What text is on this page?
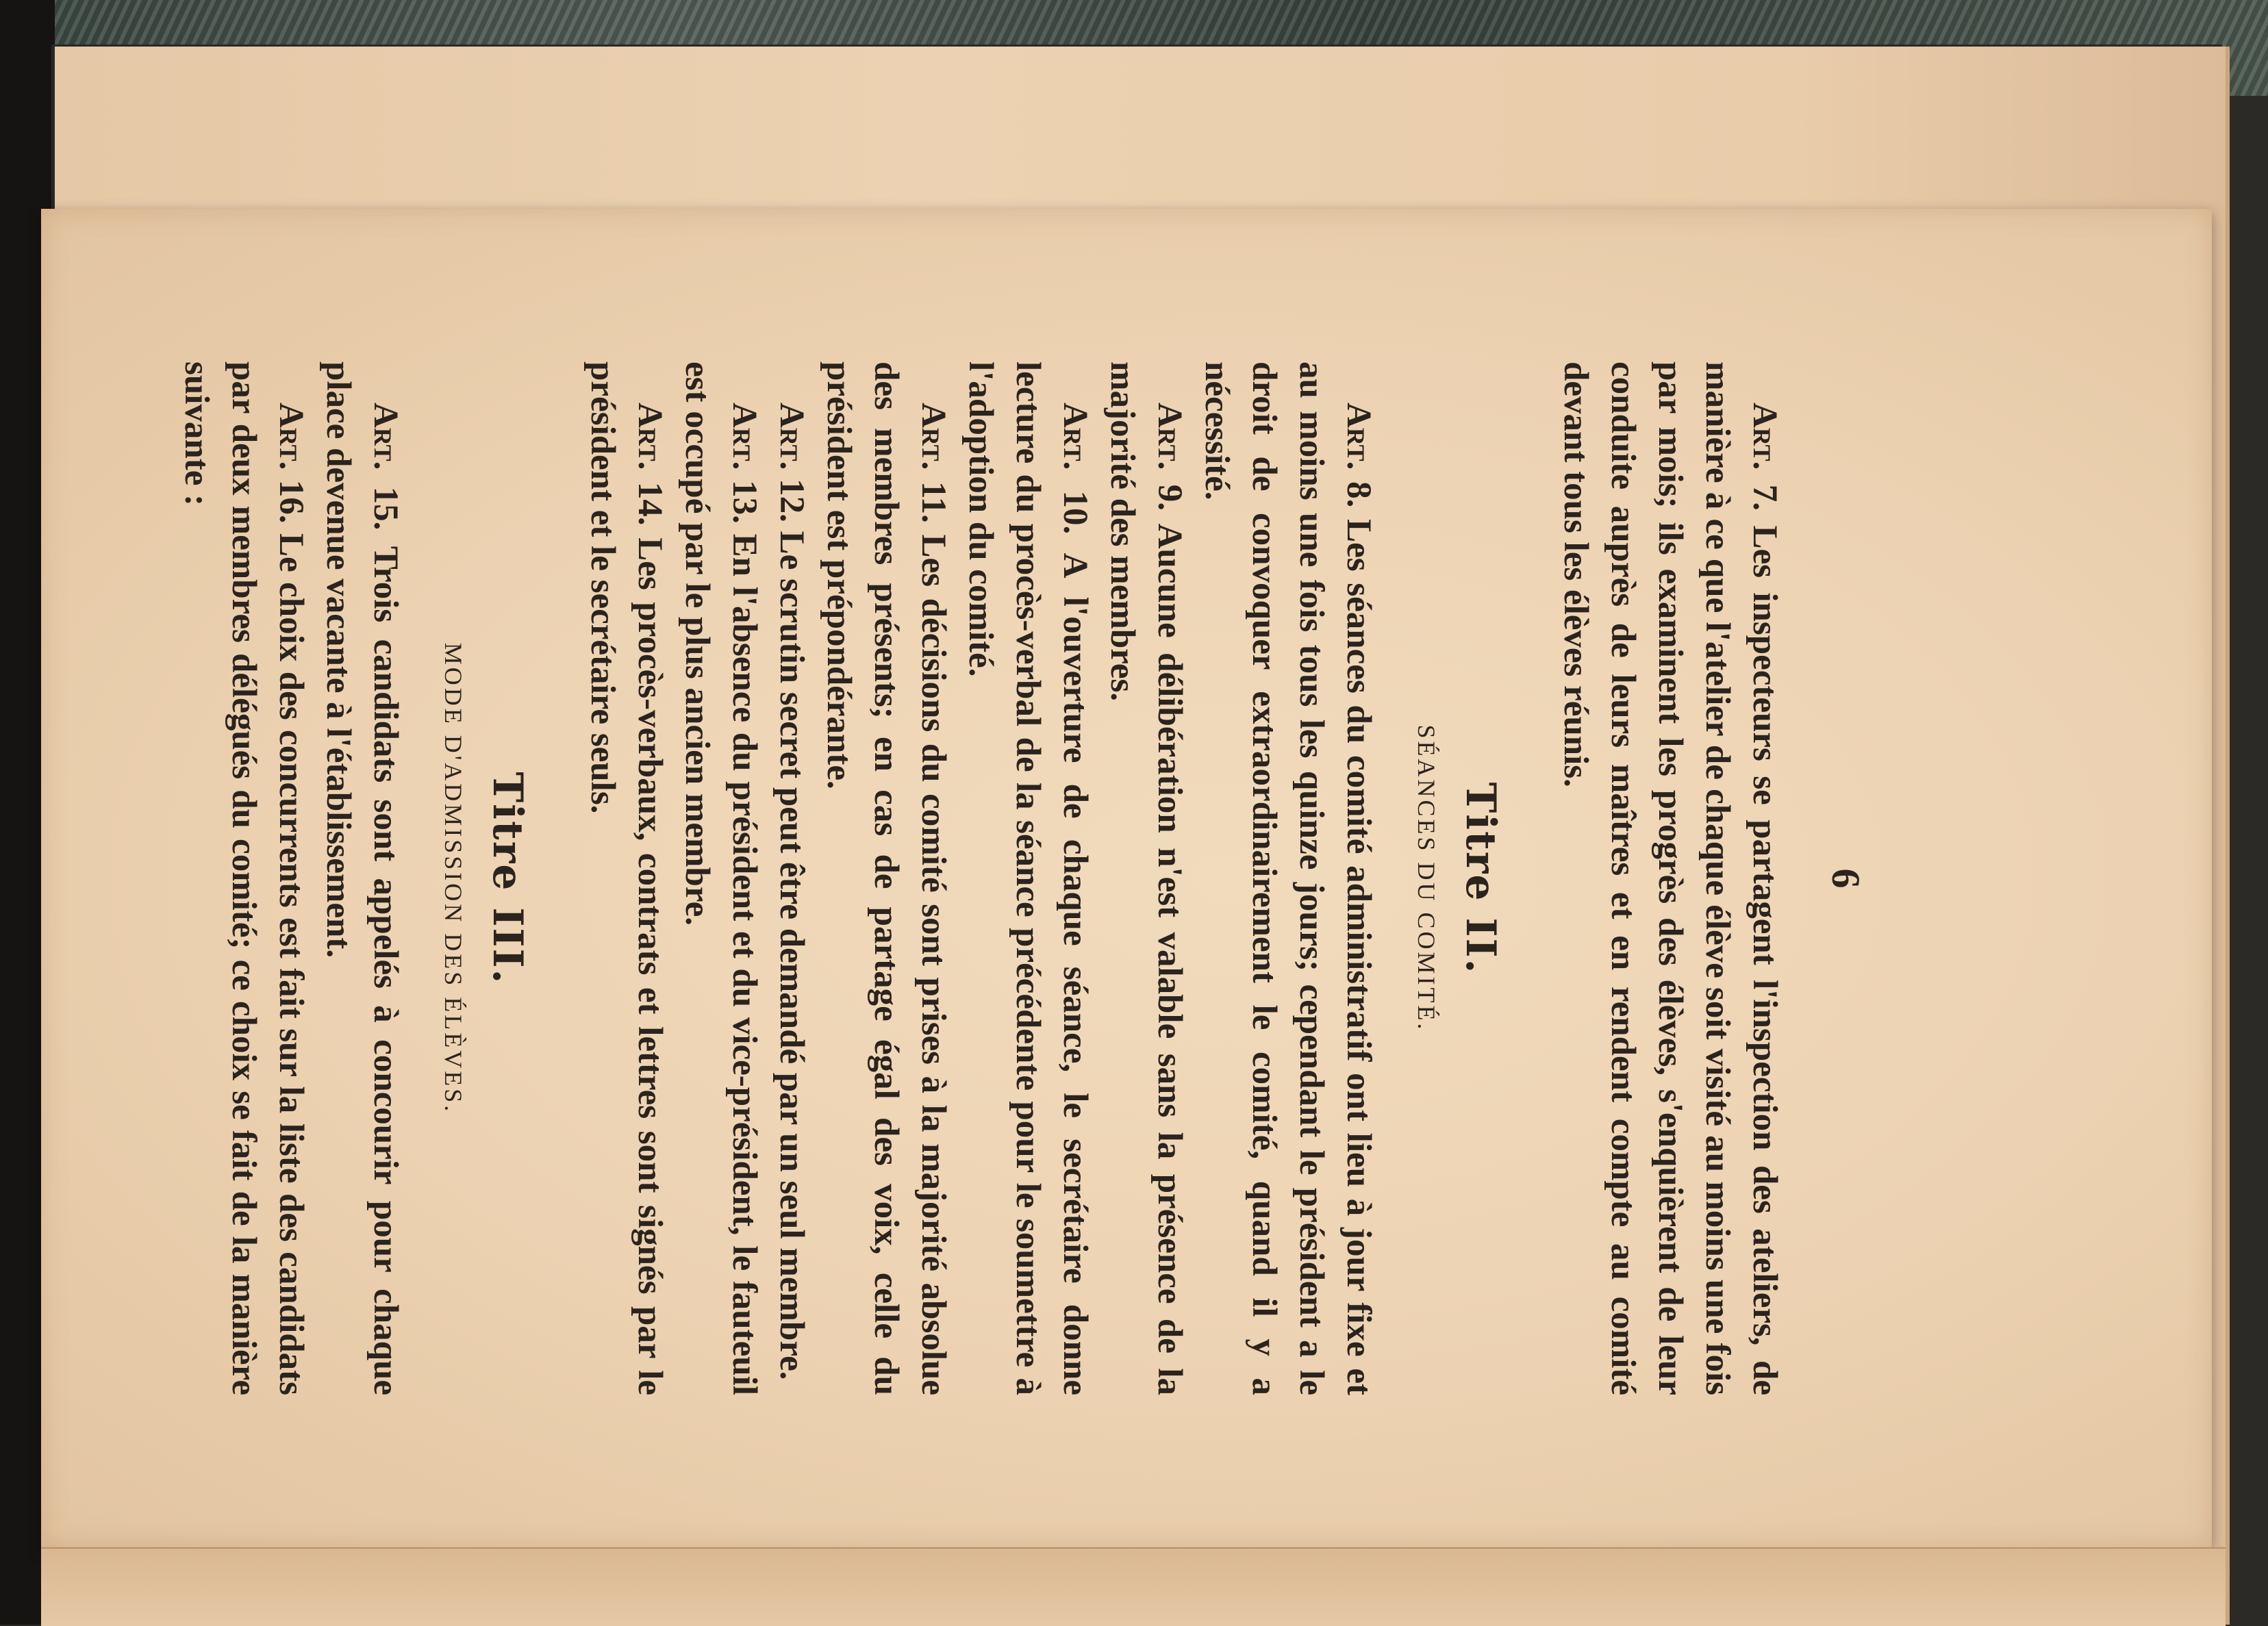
6

Art. 7. Les inspecteurs se partagent l'inspection des ateliers, de manière à ce que l'atelier de chaque élève soit visité au moins une fois par mois; ils examinent les progrès des élèves, s'enquièrent de leur conduite auprès de leurs maîtres et en rendent compte au comité devant tous les élèves réunis.

Titre II.
SÉANCES DU COMITÉ.

Art. 8. Les séances du comité administratif ont lieu à jour fixe et au moins une fois tous les quinze jours; cependant le président a le droit de convoquer extraordinairement le comité, quand il y a nécessité.

Art. 9. Aucune délibération n'est valable sans la présence de la majorité des membres.

Art. 10. A l'ouverture de chaque séance, le secrétaire donne lecture du procès-verbal de la séance précédente pour le soumettre à l'adoption du comité.

Art. 11. Les décisions du comité sont prises à la majorité absolue des membres présents; en cas de partage égal des voix, celle du président est prépondérante.

Art. 12. Le scrutin secret peut être demandé par un seul membre.

Art. 13. En l'absence du président et du vice-président, le fauteuil est occupé par le plus ancien membre.

Art. 14. Les procès-verbaux, contrats et lettres sont signés par le président et le secrétaire seuls.

Titre III.
MODE D'ADMISSION DES ÉLÈVES.

Art. 15. Trois candidats sont appelés à concourir pour chaque place devenue vacante à l'établissement.

Art. 16. Le choix des concurrents est fait sur la liste des candidats par deux membres délégués du comité; ce choix se fait de la manière suivante :
